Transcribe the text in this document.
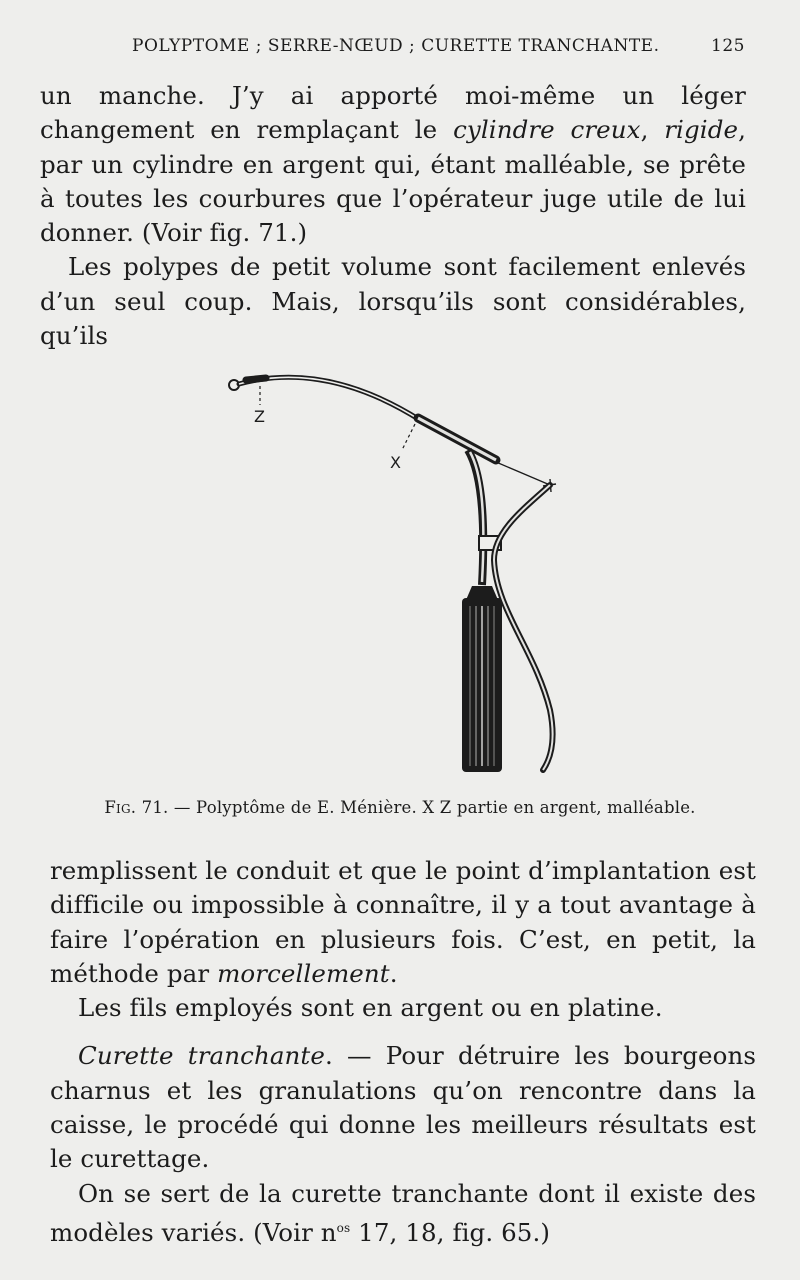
POLYPTOME ; SERRE-NŒUD ; CURETTE TRANCHANTE.	125

un manche. J’y ai apporté moi-même un léger changement en remplaçant le cylindre creux, rigide, par un cylindre en argent qui, étant malléable, se prête à toutes les courbures que l’opérateur juge utile de lui donner. (Voir fig. 71.)

Les polypes de petit volume sont facilement enlevés d’un seul coup. Mais, lorsqu’ils sont considérables, qu’ils

Z
X
Fig. 71. — Polyptôme de E. Ménière. X Z partie en argent, malléable.

remplissent le conduit et que le point d’implantation est difficile ou impossible à connaître, il y a tout avantage à faire l’opération en plusieurs fois. C’est, en petit, la méthode par morcellement.

Les fils employés sont en argent ou en platine.

Curette tranchante. — Pour détruire les bourgeons charnus et les granulations qu’on rencontre dans la caisse, le procédé qui donne les meilleurs résultats est le curettage.

On se sert de la curette tranchante dont il existe des modèles variés. (Voir $n^{os}$ 17, 18, fig. 65.)
